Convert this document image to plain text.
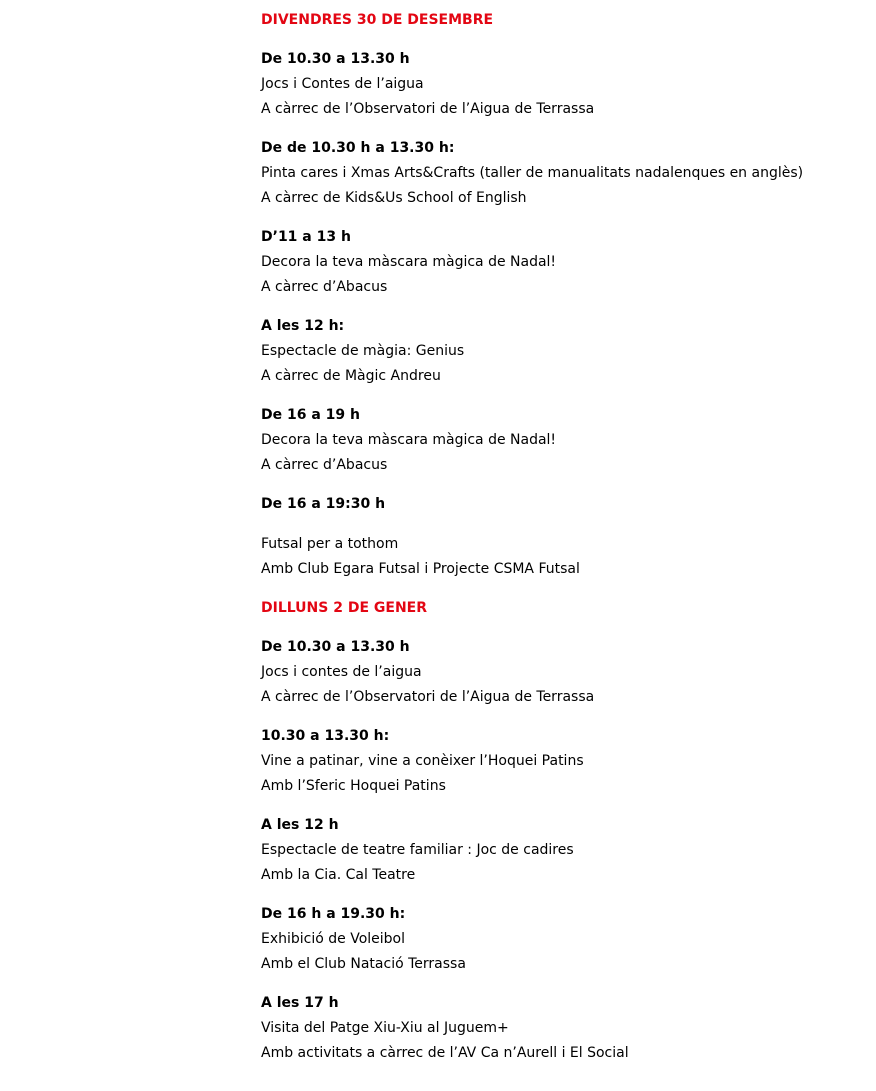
DIVENDRES 30 DE DESEMBRE
De 10.30 a 13.30 h
Jocs i Contes de l’aigua
A càrrec de l’Observatori de l’Aigua de Terrassa
De de 10.30 h a 13.30 h:
Pinta cares i Xmas Arts&Crafts (taller de manualitats nadalenques en anglès)
A càrrec de Kids&Us School of English
D’11 a 13 h
Decora la teva màscara màgica de Nadal!
A càrrec d’Abacus
A les 12 h:
Espectacle de màgia: Genius
A càrrec de Màgic Andreu
De 16 a 19 h
Decora la teva màscara màgica de Nadal!
A càrrec d’Abacus
De 16 a 19:30 h
Futsal per a tothom
Amb Club Egara Futsal i Projecte CSMA Futsal
DILLUNS 2 DE GENER
De 10.30 a 13.30 h
Jocs i contes de l’aigua
A càrrec de l’Observatori de l’Aigua de Terrassa
10.30 a 13.30 h:
Vine a patinar, vine a conèixer l’Hoquei Patins
Amb l’Sferic Hoquei Patins
A les 12 h
Espectacle de teatre familiar : Joc de cadires
Amb la Cia. Cal Teatre
De 16 h a 19.30 h:
Exhibició de Voleibol
Amb el Club Natació Terrassa
A les 17 h
Visita del Patge Xiu-Xiu al Juguem+
Amb activitats a càrrec de l’AV Ca n’Aurell i El Social
